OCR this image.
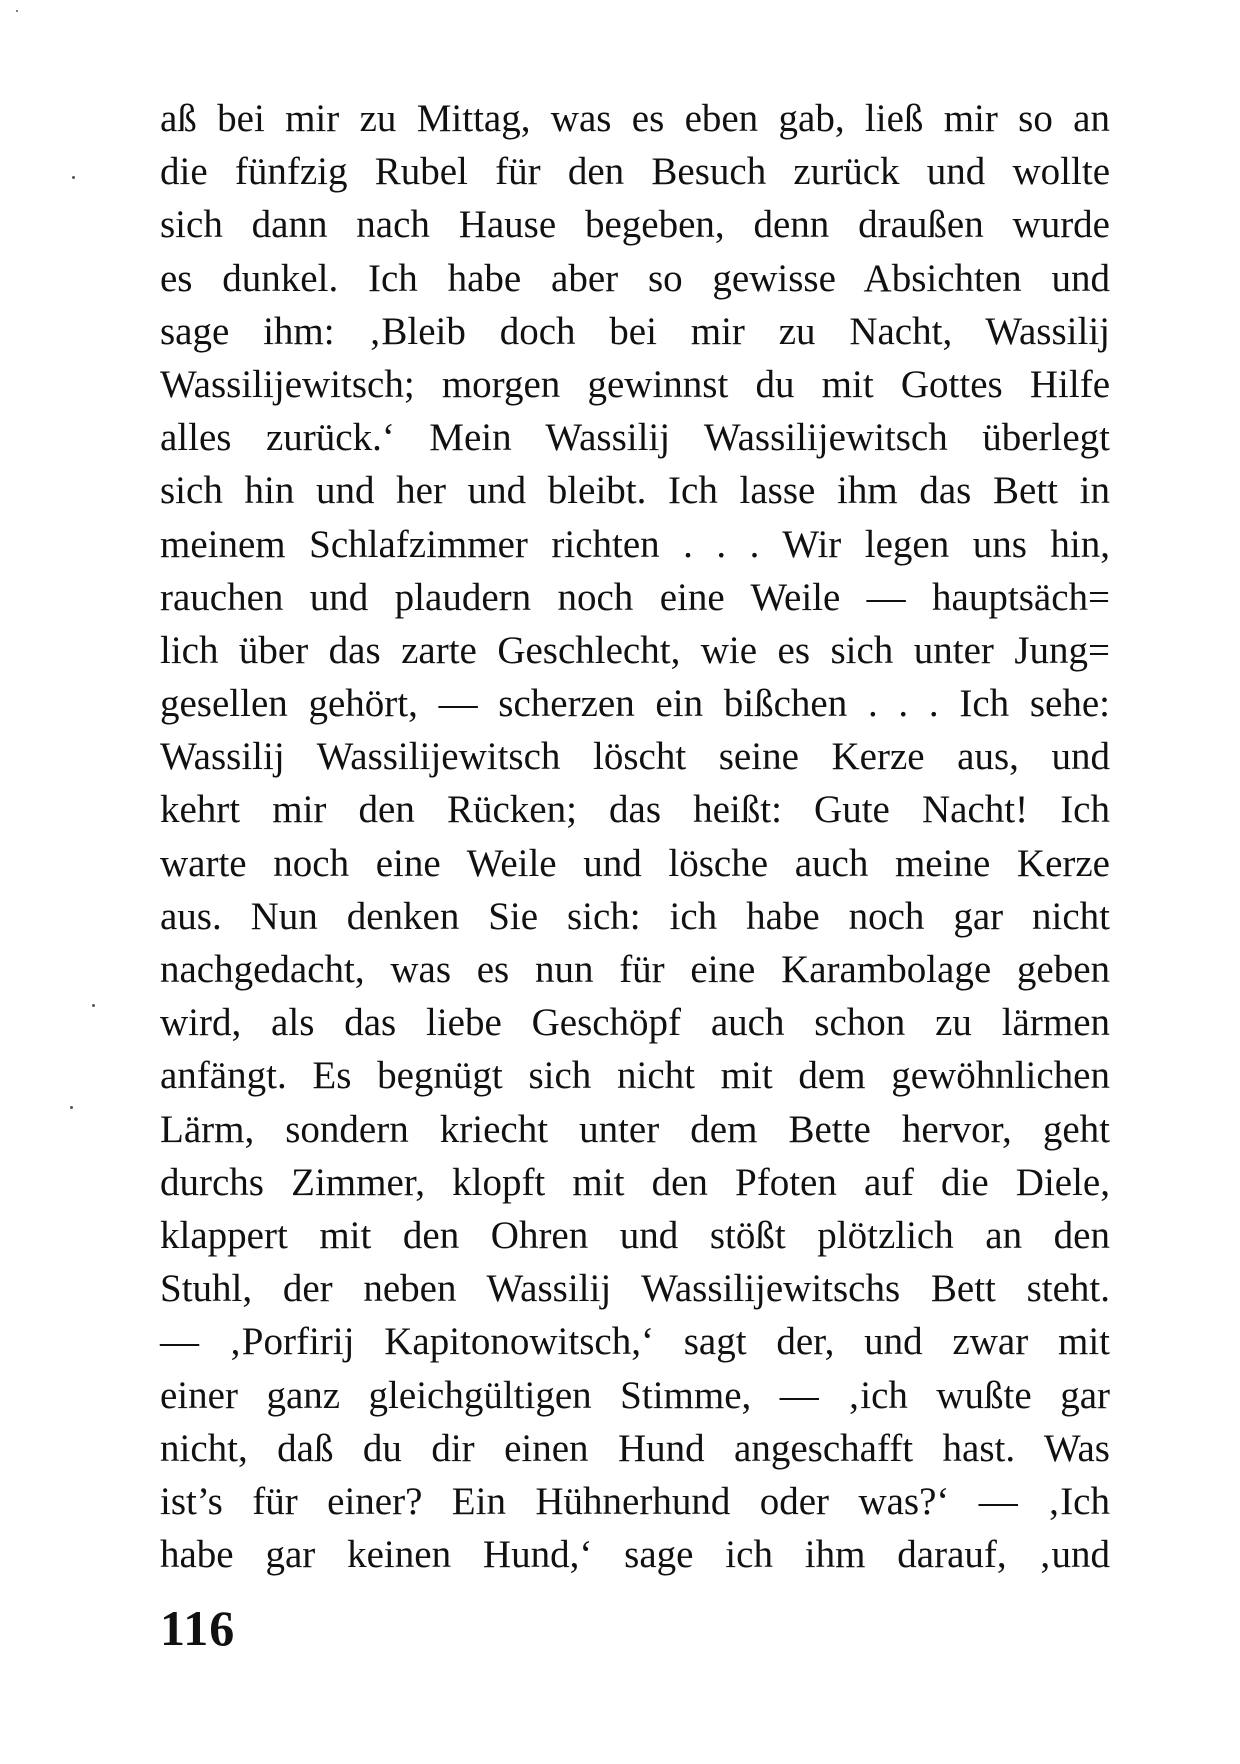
aß bei mir zu Mittag, was es eben gab, ließ mir so an
die fünfzig Rubel für den Besuch zurück und wollte
sich dann nach Hause begeben, denn draußen wurde
es dunkel. Ich habe aber so gewisse Absichten und
sage ihm: ‚Bleib doch bei mir zu Nacht, Wassilij
Wassilijewitsch; morgen gewinnst du mit Gottes Hilfe
alles zurück.‘ Mein Wassilij Wassilijewitsch überlegt
sich hin und her und bleibt. Ich lasse ihm das Bett in
meinem Schlafzimmer richten . . . Wir legen uns hin,
rauchen und plaudern noch eine Weile — hauptsäch=
lich über das zarte Geschlecht, wie es sich unter Jung=
gesellen gehört, — scherzen ein bißchen . . . Ich sehe:
Wassilij Wassilijewitsch löscht seine Kerze aus, und
kehrt mir den Rücken; das heißt: Gute Nacht! Ich
warte noch eine Weile und lösche auch meine Kerze
aus. Nun denken Sie sich: ich habe noch gar nicht
nachgedacht, was es nun für eine Karambolage geben
wird, als das liebe Geschöpf auch schon zu lärmen
anfängt. Es begnügt sich nicht mit dem gewöhnlichen
Lärm, sondern kriecht unter dem Bette hervor, geht
durchs Zimmer, klopft mit den Pfoten auf die Diele,
klappert mit den Ohren und stößt plötzlich an den
Stuhl, der neben Wassilij Wassilijewitschs Bett steht.
— ‚Porfirij Kapitonowitsch,‘ sagt der, und zwar mit
einer ganz gleichgültigen Stimme, — ‚ich wußte gar
nicht, daß du dir einen Hund angeschafft hast. Was
ist’s für einer? Ein Hühnerhund oder was?‘ — ‚Ich
habe gar keinen Hund,‘ sage ich ihm darauf, ‚und
116
